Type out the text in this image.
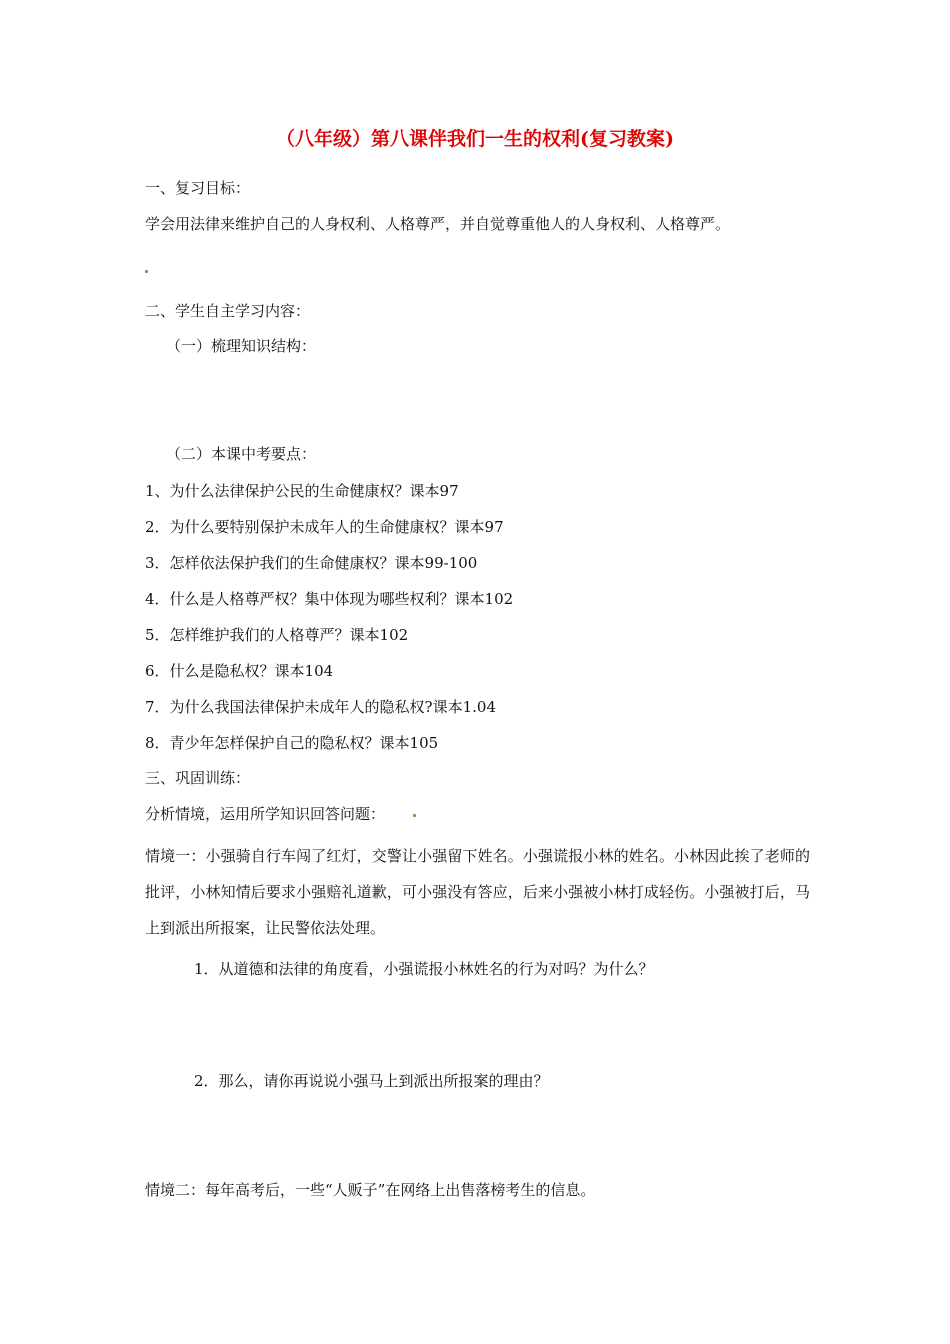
（八年级）第八课伴我们一生的权利(复习教案)
一、复习目标：
学会用法律来维护自己的人身权利、人格尊严，并自觉尊重他人的人身权利、人格尊严。
二、学生自主学习内容：
（一）梳理知识结构：
（二）本课中考要点：
1、为什么法律保护公民的生命健康权？课本97
2．为什么要特别保护未成年人的生命健康权？课本97
3．怎样依法保护我们的生命健康权？课本99-100
4．什么是人格尊严权？集中体现为哪些权利？课本102
5．怎样维护我们的人格尊严？课本102
6．什么是隐私权？课本104
7．为什么我国法律保护未成年人的隐私权?课本1.04
8．青少年怎样保护自己的隐私权？课本105
三、巩固训练：
分析情境，运用所学知识回答问题：
情境一：小强骑自行车闯了红灯，交警让小强留下姓名。小强谎报小林的姓名。小林因此挨了老师的批评，小林知情后要求小强赔礼道歉，可小强没有答应，后来小强被小林打成轻伤。小强被打后，马上到派出所报案，让民警依法处理。
1．从道德和法律的角度看，小强谎报小林姓名的行为对吗？为什么？
2．那么，请你再说说小强马上到派出所报案的理由？
情境二：每年高考后，一些“人贩子”在网络上出售落榜考生的信息。
